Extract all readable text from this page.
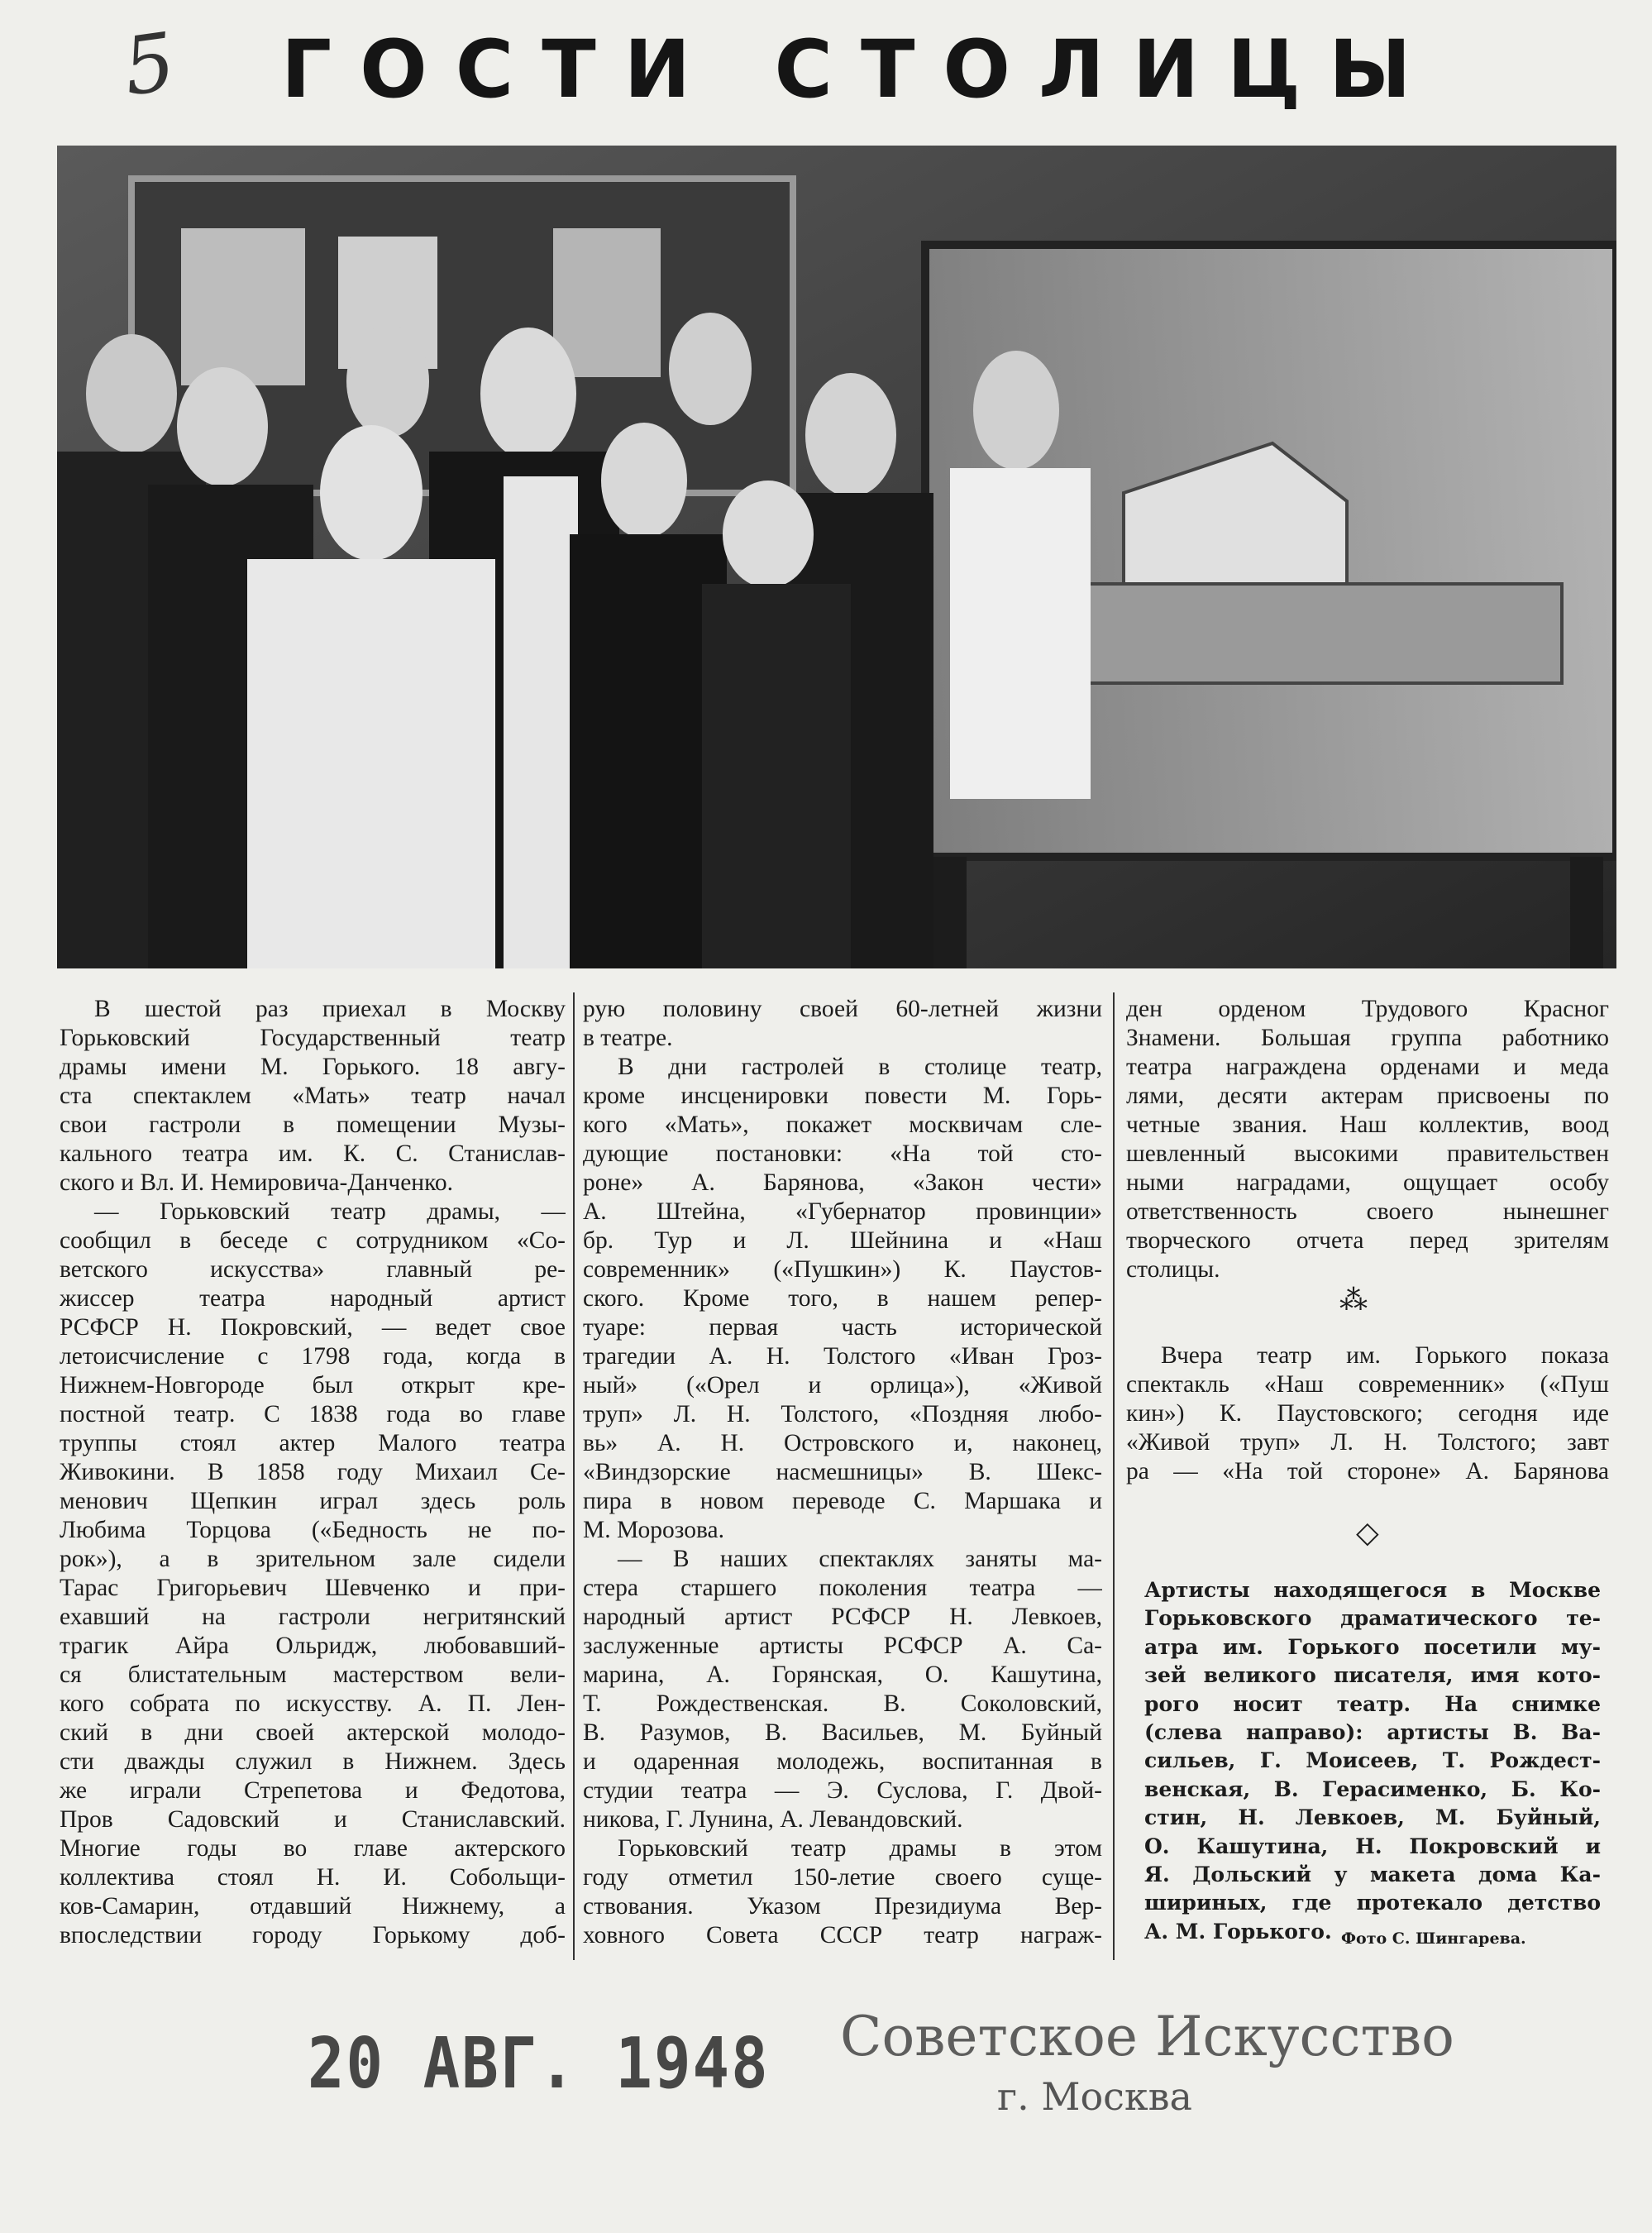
5 ГОСТИ СТОЛИЦЫ
В шестой раз приехал в Москву
Горьковский Государственный театр
драмы имени М. Горького. 18 авгу-
ста спектаклем «Мать» театр начал
свои гастроли в помещении Музы-
кального театра им. К. С. Станислав-
ского и Вл. И. Немировича-Данченко.
— Горьковский театр драмы, —
сообщил в беседе с сотрудником «Со-
ветского искусства» главный ре-
жиссер театра народный артист
РСФСР Н. Покровский, — ведет свое
летоисчисление с 1798 года, когда в
Нижнем-Новгороде был открыт кре-
постной театр. С 1838 года во главе
труппы стоял актер Малого театра
Живокини. В 1858 году Михаил Се-
менович Щепкин играл здесь роль
Любима Торцова («Бедность не по-
рок»), а в зрительном зале сидели
Тарас Григорьевич Шевченко и при-
ехавший на гастроли негритянский
трагик Айра Ольридж, любовавший-
ся блистательным мастерством вели-
кого собрата по искусству. А. П. Лен-
ский в дни своей актерской молодо-
сти дважды служил в Нижнем. Здесь
же играли Стрепетова и Федотова,
Пров Садовский и Станиславский.
Многие годы во главе актерского
коллектива стоял Н. И. Собольщи-
ков-Самарин, отдавший Нижнему, а
впоследствии городу Горькому доб-
рую половину своей 60-летней жизни
в театре.
В дни гастролей в столице театр,
кроме инсценировки повести М. Горь-
кого «Мать», покажет москвичам сле-
дующие постановки: «На той сто-
роне» А. Барянова, «Закон чести»
А. Штейна, «Губернатор провинции»
бр. Тур и Л. Шейнина и «Наш
современник» («Пушкин») К. Паустов-
ского. Кроме того, в нашем репер-
туаре: первая часть исторической
трагедии А. Н. Толстого «Иван Гроз-
ный» («Орел и орлица»), «Живой
труп» Л. Н. Толстого, «Поздняя любо-
вь» А. Н. Островского и, наконец,
«Виндзорские насмешницы» В. Шекс-
пира в новом переводе С. Маршака и
М. Морозова.
— В наших спектаклях заняты ма-
стера старшего поколения театра —
народный артист РСФСР Н. Левкоев,
заслуженные артисты РСФСР А. Са-
марина, А. Горянская, О. Кашутина,
Т. Рождественская. В. Соколовский,
В. Разумов, В. Васильев, М. Буйный
и одаренная молодежь, воспитанная в
студии театра — Э. Суслова, Г. Двой-
никова, Г. Лунина, А. Левандовский.
Горьковский театр драмы в этом
году отметил 150-летие своего суще-
ствования. Указом Президиума Вер-
ховного Совета СССР театр награж-
ден орденом Трудового Красног
Знамени. Большая группа работнико
театра награждена орденами и меда
лями, десяти актерам присвоены по
четные звания. Наш коллектив, воод
шевленный высокими правительствен
ными наградами, ощущает особу
ответственность своего нынешнег
творческого отчета перед зрителям
столицы.
⁂
Вчера театр им. Горького показа
спектакль «Наш современник» («Пуш
кин») К. Паустовского; сегодня иде
«Живой труп» Л. Н. Толстого; завт
ра — «На той стороне» А. Барянова
◇
Артисты находящегося в Москве
Горьковского драматического те-
атра им. Горького посетили му-
зей великого писателя, имя кото-
рого носит театр. На снимке
(слева направо): артисты В. Ва-
сильев, Г. Моисеев, Т. Рождест-
венская, В. Герасименко, Б. Ко-
стин, Н. Левкоев, М. Буйный,
О. Кашутина, Н. Покровский и
Я. Дольский у макета дома Ка-
шириных, где протекало детство
А. М. Горького. Фото С. Шингарева.
20 АВГ. 1948 Советское Искусство
г. Москва
